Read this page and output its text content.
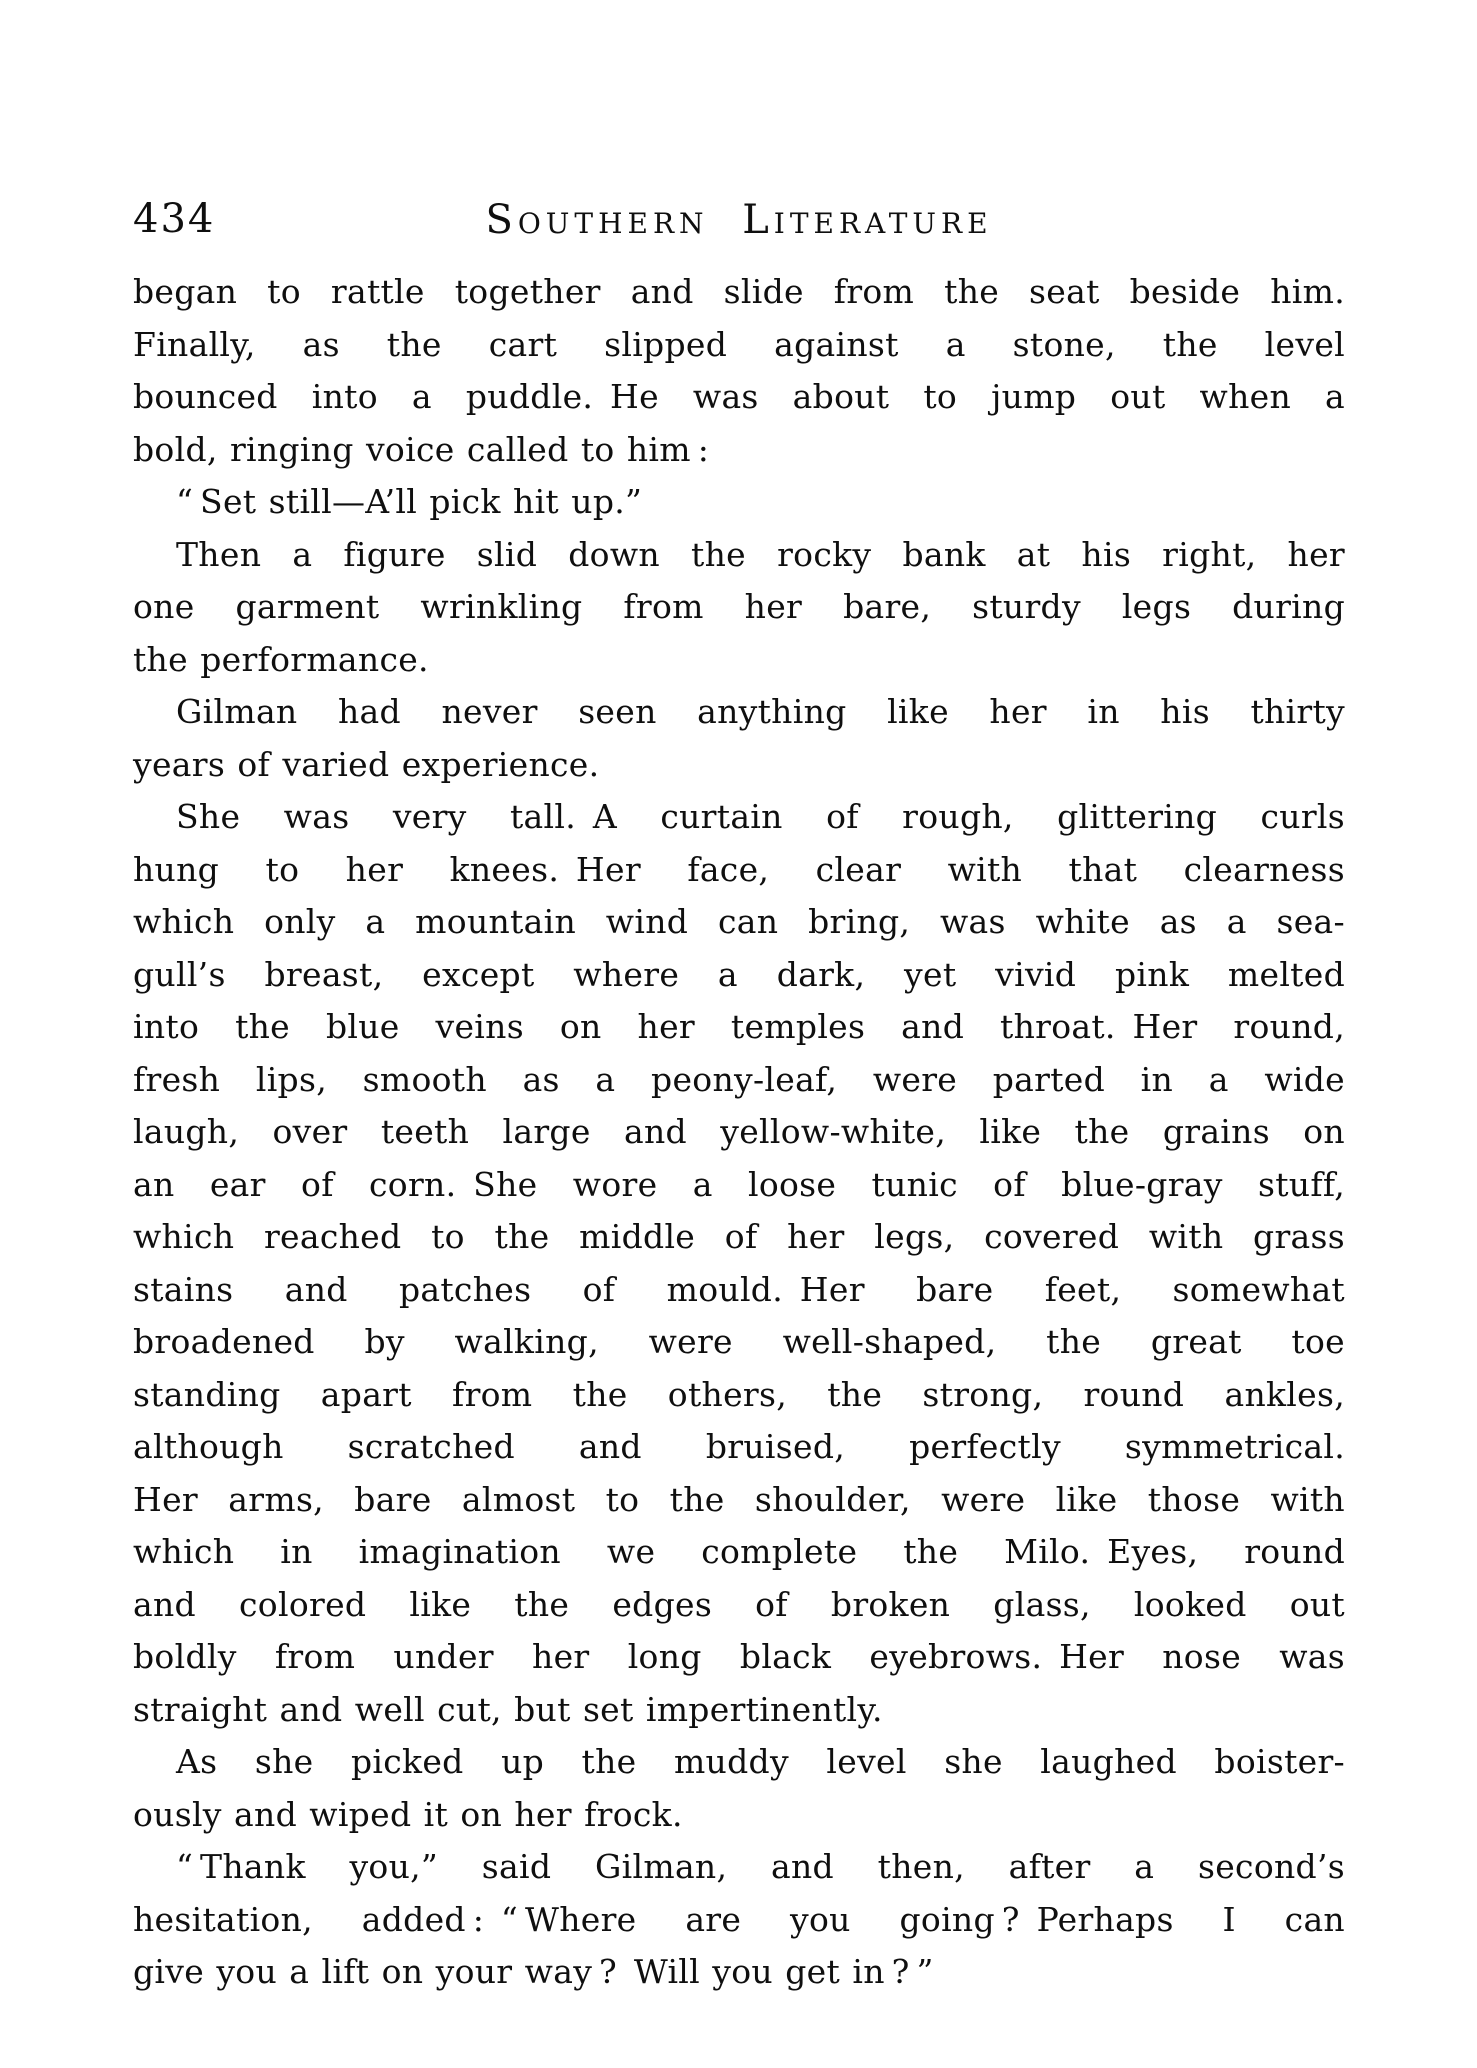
434	Southern Literature

began to rattle together and slide from the seat beside him.
Finally, as the cart slipped against a stone, the level
bounced into a puddle. He was about to jump out when a
bold, ringing voice called to him :

“ Set still—A’ll pick hit up.”

Then a figure slid down the rocky bank at his right, her
one garment wrinkling from her bare, sturdy legs during
the performance.

Gilman had never seen anything like her in his thirty
years of varied experience.

She was very tall. A curtain of rough, glittering curls
hung to her knees. Her face, clear with that clearness
which only a mountain wind can bring, was white as a sea-
gull’s breast, except where a dark, yet vivid pink melted
into the blue veins on her temples and throat. Her round,
fresh lips, smooth as a peony-leaf, were parted in a wide
laugh, over teeth large and yellow-white, like the grains on
an ear of corn. She wore a loose tunic of blue-gray stuff,
which reached to the middle of her legs, covered with grass
stains and patches of mould. Her bare feet, somewhat
broadened by walking, were well-shaped, the great toe
standing apart from the others, the strong, round ankles,
although scratched and bruised, perfectly symmetrical.
Her arms, bare almost to the shoulder, were like those with
which in imagination we complete the Milo. Eyes, round
and colored like the edges of broken glass, looked out
boldly from under her long black eyebrows. Her nose was
straight and well cut, but set impertinently.

As she picked up the muddy level she laughed boister-
ously and wiped it on her frock.

“ Thank you,” said Gilman, and then, after a second’s
hesitation, added : “ Where are you going ? Perhaps I can
give you a lift on your way ? Will you get in ? ”
